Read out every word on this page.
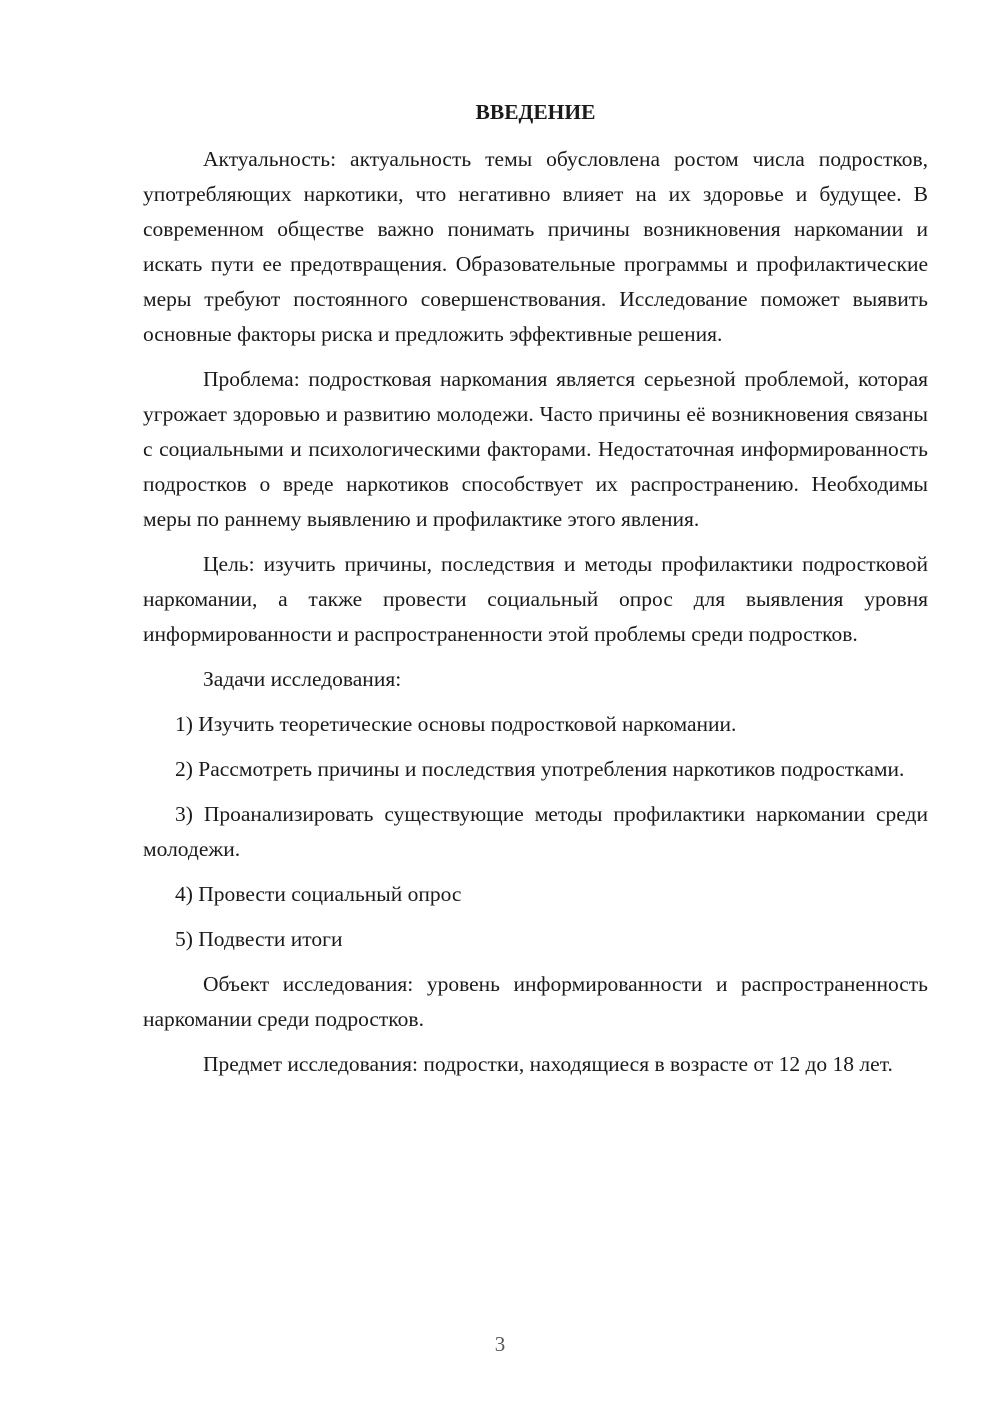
ВВЕДЕНИЕ

Актуальность: актуальность темы обусловлена ростом числа подростков, употребляющих наркотики, что негативно влияет на их здоровье и будущее. В современном обществе важно понимать причины возникновения наркомании и искать пути ее предотвращения. Образовательные программы и профилактические меры требуют постоянного совершенствования. Исследование поможет выявить основные факторы риска и предложить эффективные решения.

Проблема: подростковая наркомания является серьезной проблемой, которая угрожает здоровью и развитию молодежи. Часто причины её возникновения связаны с социальными и психологическими факторами. Недостаточная информированность подростков о вреде наркотиков способствует их распространению. Необходимы меры по раннему выявлению и профилактике этого явления.

Цель: изучить причины, последствия и методы профилактики подростковой наркомании, а также провести социальный опрос для выявления уровня информированности и распространенности этой проблемы среди подростков.

Задачи исследования:

1) Изучить теоретические основы подростковой наркомании.

2) Рассмотреть причины и последствия употребления наркотиков подростками.

3) Проанализировать существующие методы профилактики наркомании среди молодежи.

4) Провести социальный опрос

5) Подвести итоги

Объект исследования: уровень информированности и распространенность наркомании среди подростков.

Предмет исследования: подростки, находящиеся в возрасте от 12 до 18 лет.

3
